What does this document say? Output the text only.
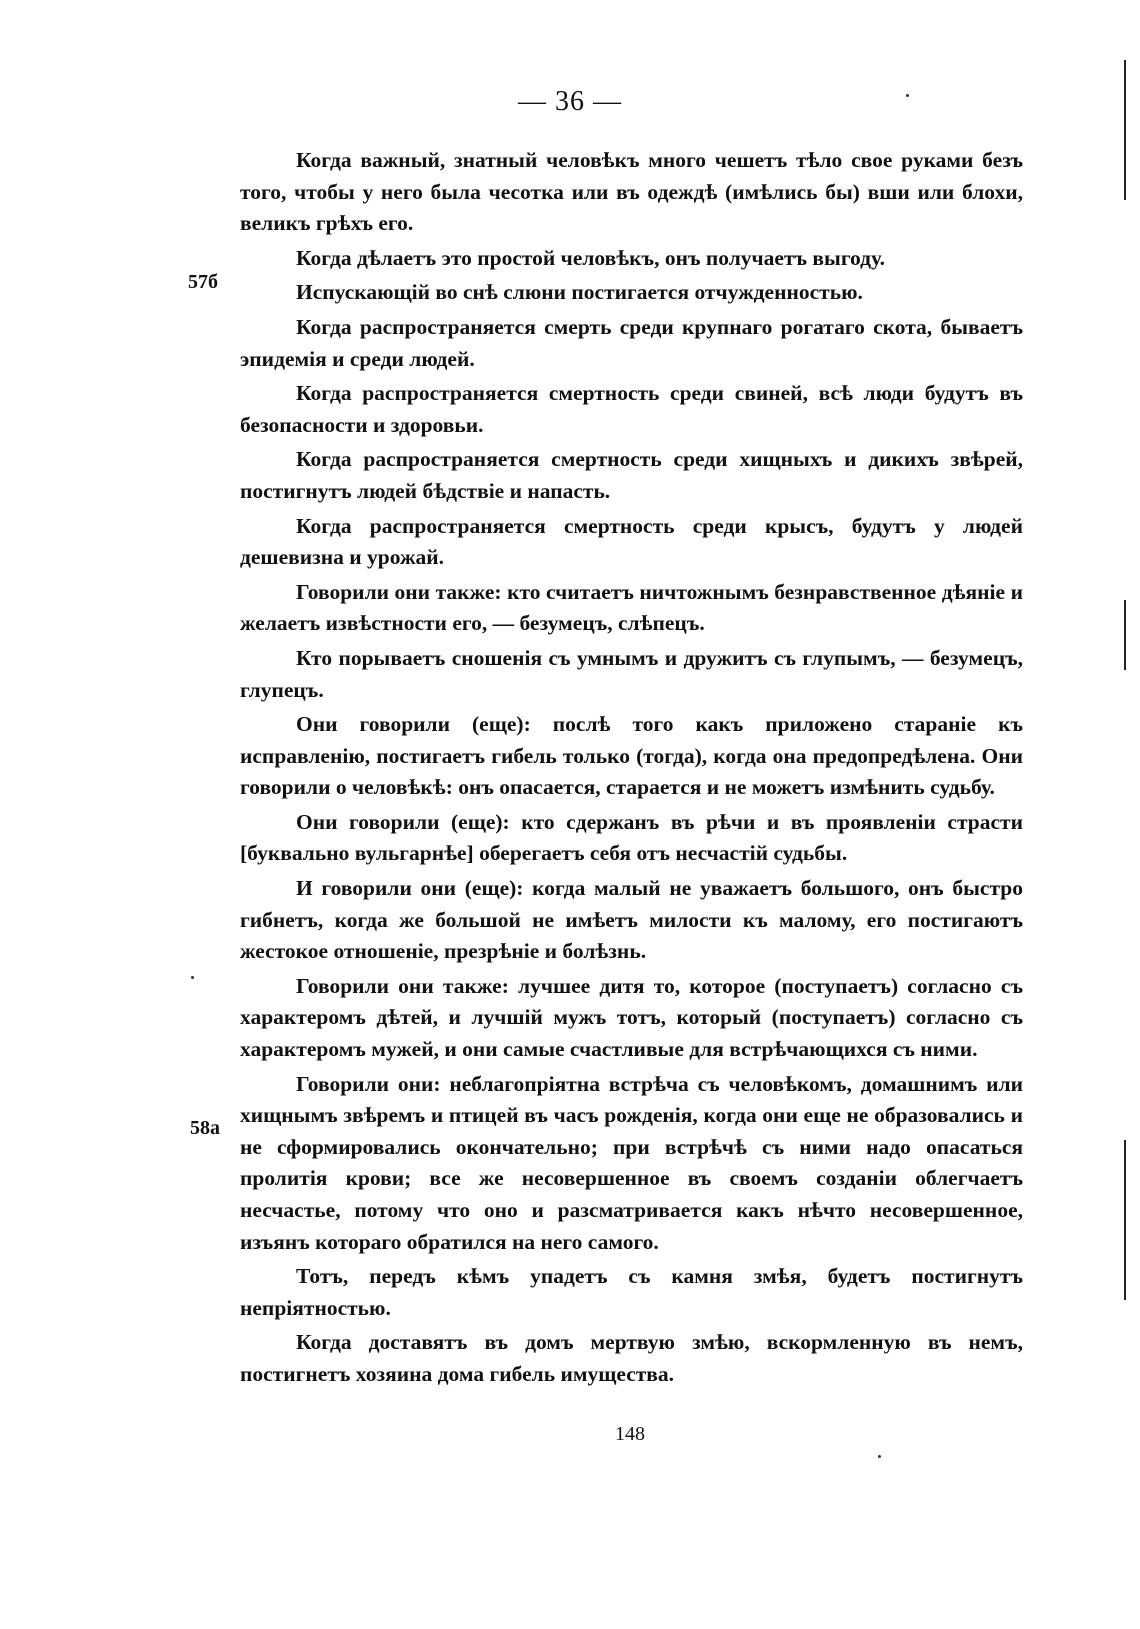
— 36 —
57б
58a

Когда важный, знатный человѣкъ много чешетъ тѣло свое руками безъ того, чтобы у него была чесотка или въ одеждѣ (имѣлись бы) вши или блохи, великъ грѣхъ его.

Когда дѣлаетъ это простой человѣкъ, онъ получаетъ выгоду.

Испускающій во снѣ слюни постигается отчужденностью.

Когда распространяется смерть среди крупнаго рогатаго скота, бываетъ эпидемія и среди людей.

Когда распространяется смертность среди свиней, всѣ люди будутъ въ безопасности и здоровьи.

Когда распространяется смертность среди хищныхъ и дикихъ звѣрей, постигнутъ людей бѣдствіе и напасть.

Когда распространяется смертность среди крысъ, будутъ у людей дешевизна и урожай.

Говорили они также: кто считаетъ ничтожнымъ безнравственное дѣяніе и желаетъ извѣстности его, — безумецъ, слѣпецъ.

Кто порываетъ сношенія съ умнымъ и дружитъ съ глупымъ, — безумецъ, глупецъ.

Они говорили (еще): послѣ того какъ приложено стараніе къ исправленію, постигаетъ гибель только (тогда), когда она предопредѣлена. Они говорили о человѣкѣ: онъ опасается, старается и не можетъ измѣнить судьбу.

Они говорили (еще): кто сдержанъ въ рѣчи и въ проявленіи страсти [буквально вульгарнѣе] оберегаетъ себя отъ несчастій судьбы.

И говорили они (еще): когда малый не уважаетъ большого, онъ быстро гибнетъ, когда же большой не имѣетъ милости къ малому, его постигаютъ жестокое отношеніе, презрѣніе и болѣзнь.

Говорили они также: лучшее дитя то, которое (поступаетъ) согласно съ характеромъ дѣтей, и лучшій мужъ тотъ, который (поступаетъ) согласно съ характеромъ мужей, и они самые счастливые для встрѣчающихся съ ними.

Говорили они: неблагопріятна встрѣча съ человѣкомъ, домашнимъ или хищнымъ звѣремъ и птицей въ часъ рожденія, когда они еще не образовались и не сформировались окончательно; при встрѣчѣ съ ними надо опасаться пролитія крови; все же несовершенное въ своемъ созданіи облегчаетъ несчастье, потому что оно и разсматривается какъ нѣчто несовершенное, изъянъ котораго обратился на него самого.

Тотъ, передъ кѣмъ упадетъ съ камня змѣя, будетъ постигнутъ непріятностью.

Когда доставятъ въ домъ мертвую змѣю, вскормленную въ немъ, постигнетъ хозяина дома гибель имущества.

148
